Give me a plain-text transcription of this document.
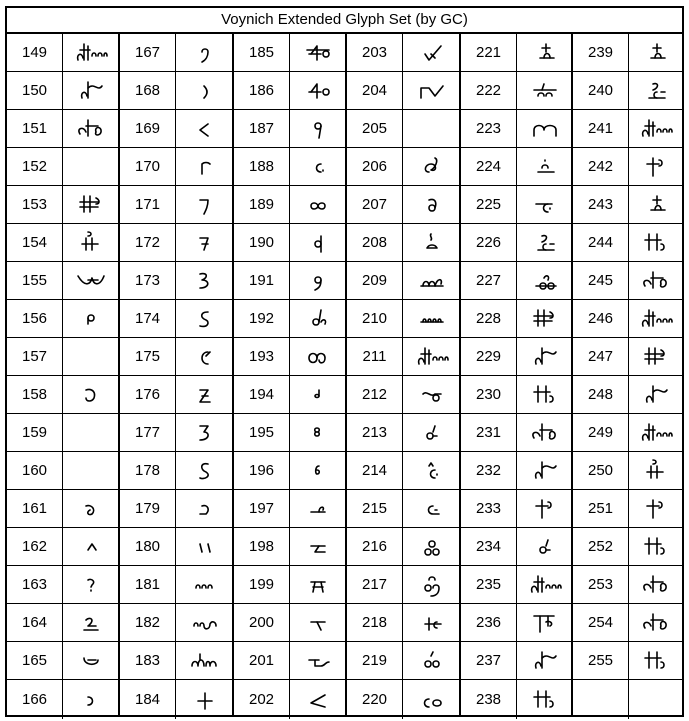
Voynich Extended Glyph Set (by GC)
149
150
151
152
153
154
155
156
157
158
159
160
161
162
163
164
165
166
167
168
169
170
171
172
173
174
175
176
177
178
179
180
181
182
183
184
185
186
187
188
189
190
191
192
193
194
195
196
197
198
199
200
201
202
203
204
205
206
207
208
209
210
211
212
213
214
215
216
217
218
219
220
221
222
223
224
225
226
227
228
229
230
231
232
233
234
235
236
237
238
239
240
241
242
243
244
245
246
247
248
249
250
251
252
253
254
255
